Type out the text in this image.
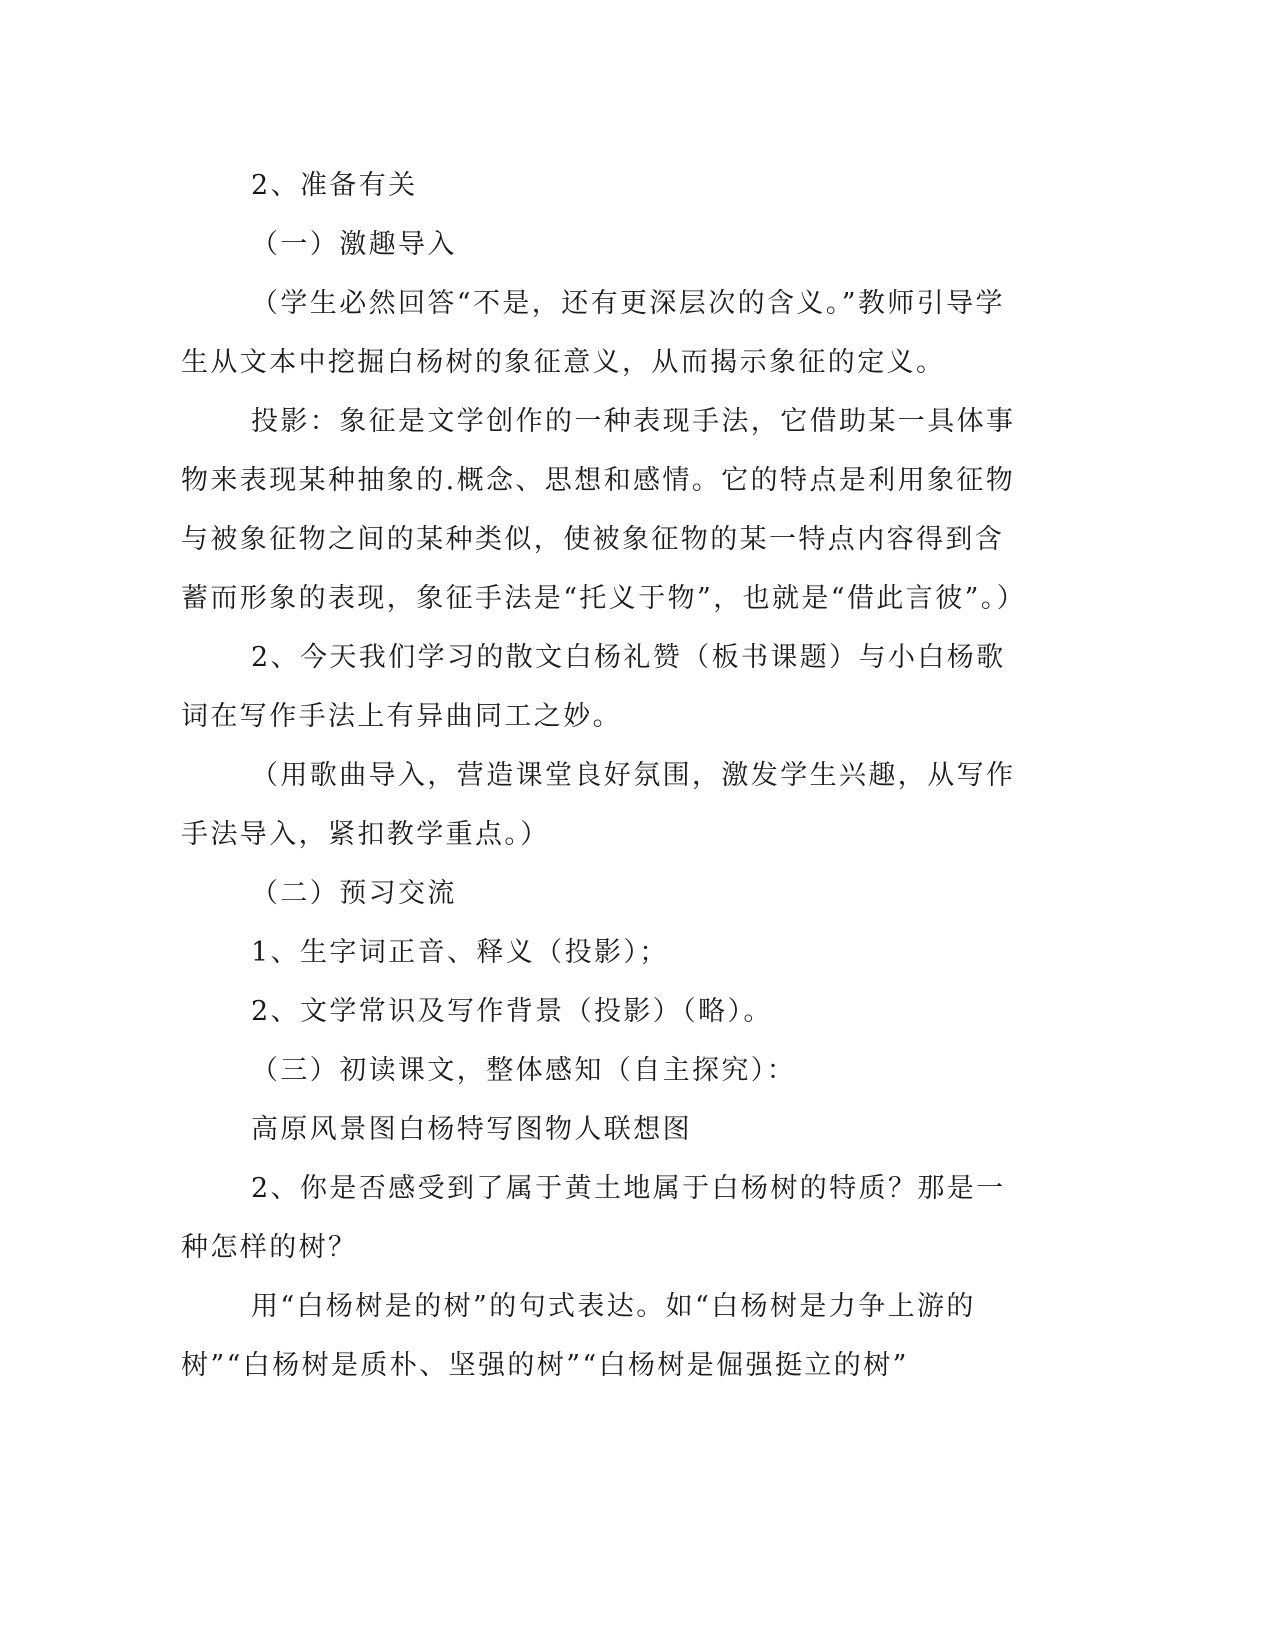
2、准备有关

（一）激趣导入

（学生必然回答“不是，还有更深层次的含义。”教师引导学生从文本中挖掘白杨树的象征意义，从而揭示象征的定义。

投影：象征是文学创作的一种表现手法，它借助某一具体事物来表现某种抽象的.概念、思想和感情。它的特点是利用象征物与被象征物之间的某种类似，使被象征物的某一特点内容得到含蓄而形象的表现，象征手法是“托义于物”，也就是“借此言彼”。）

2、今天我们学习的散文白杨礼赞（板书课题）与小白杨歌词在写作手法上有异曲同工之妙。

（用歌曲导入，营造课堂良好氛围，激发学生兴趣，从写作手法导入，紧扣教学重点。）

（二）预习交流

1、生字词正音、释义（投影）；

2、文学常识及写作背景（投影）（略）。

（三）初读课文，整体感知（自主探究）：

高原风景图白杨特写图物人联想图

2、你是否感受到了属于黄土地属于白杨树的特质？那是一种怎样的树？

用“白杨树是的树”的句式表达。如“白杨树是力争上游的树”“白杨树是质朴、坚强的树”“白杨树是倔强挺立的树”
